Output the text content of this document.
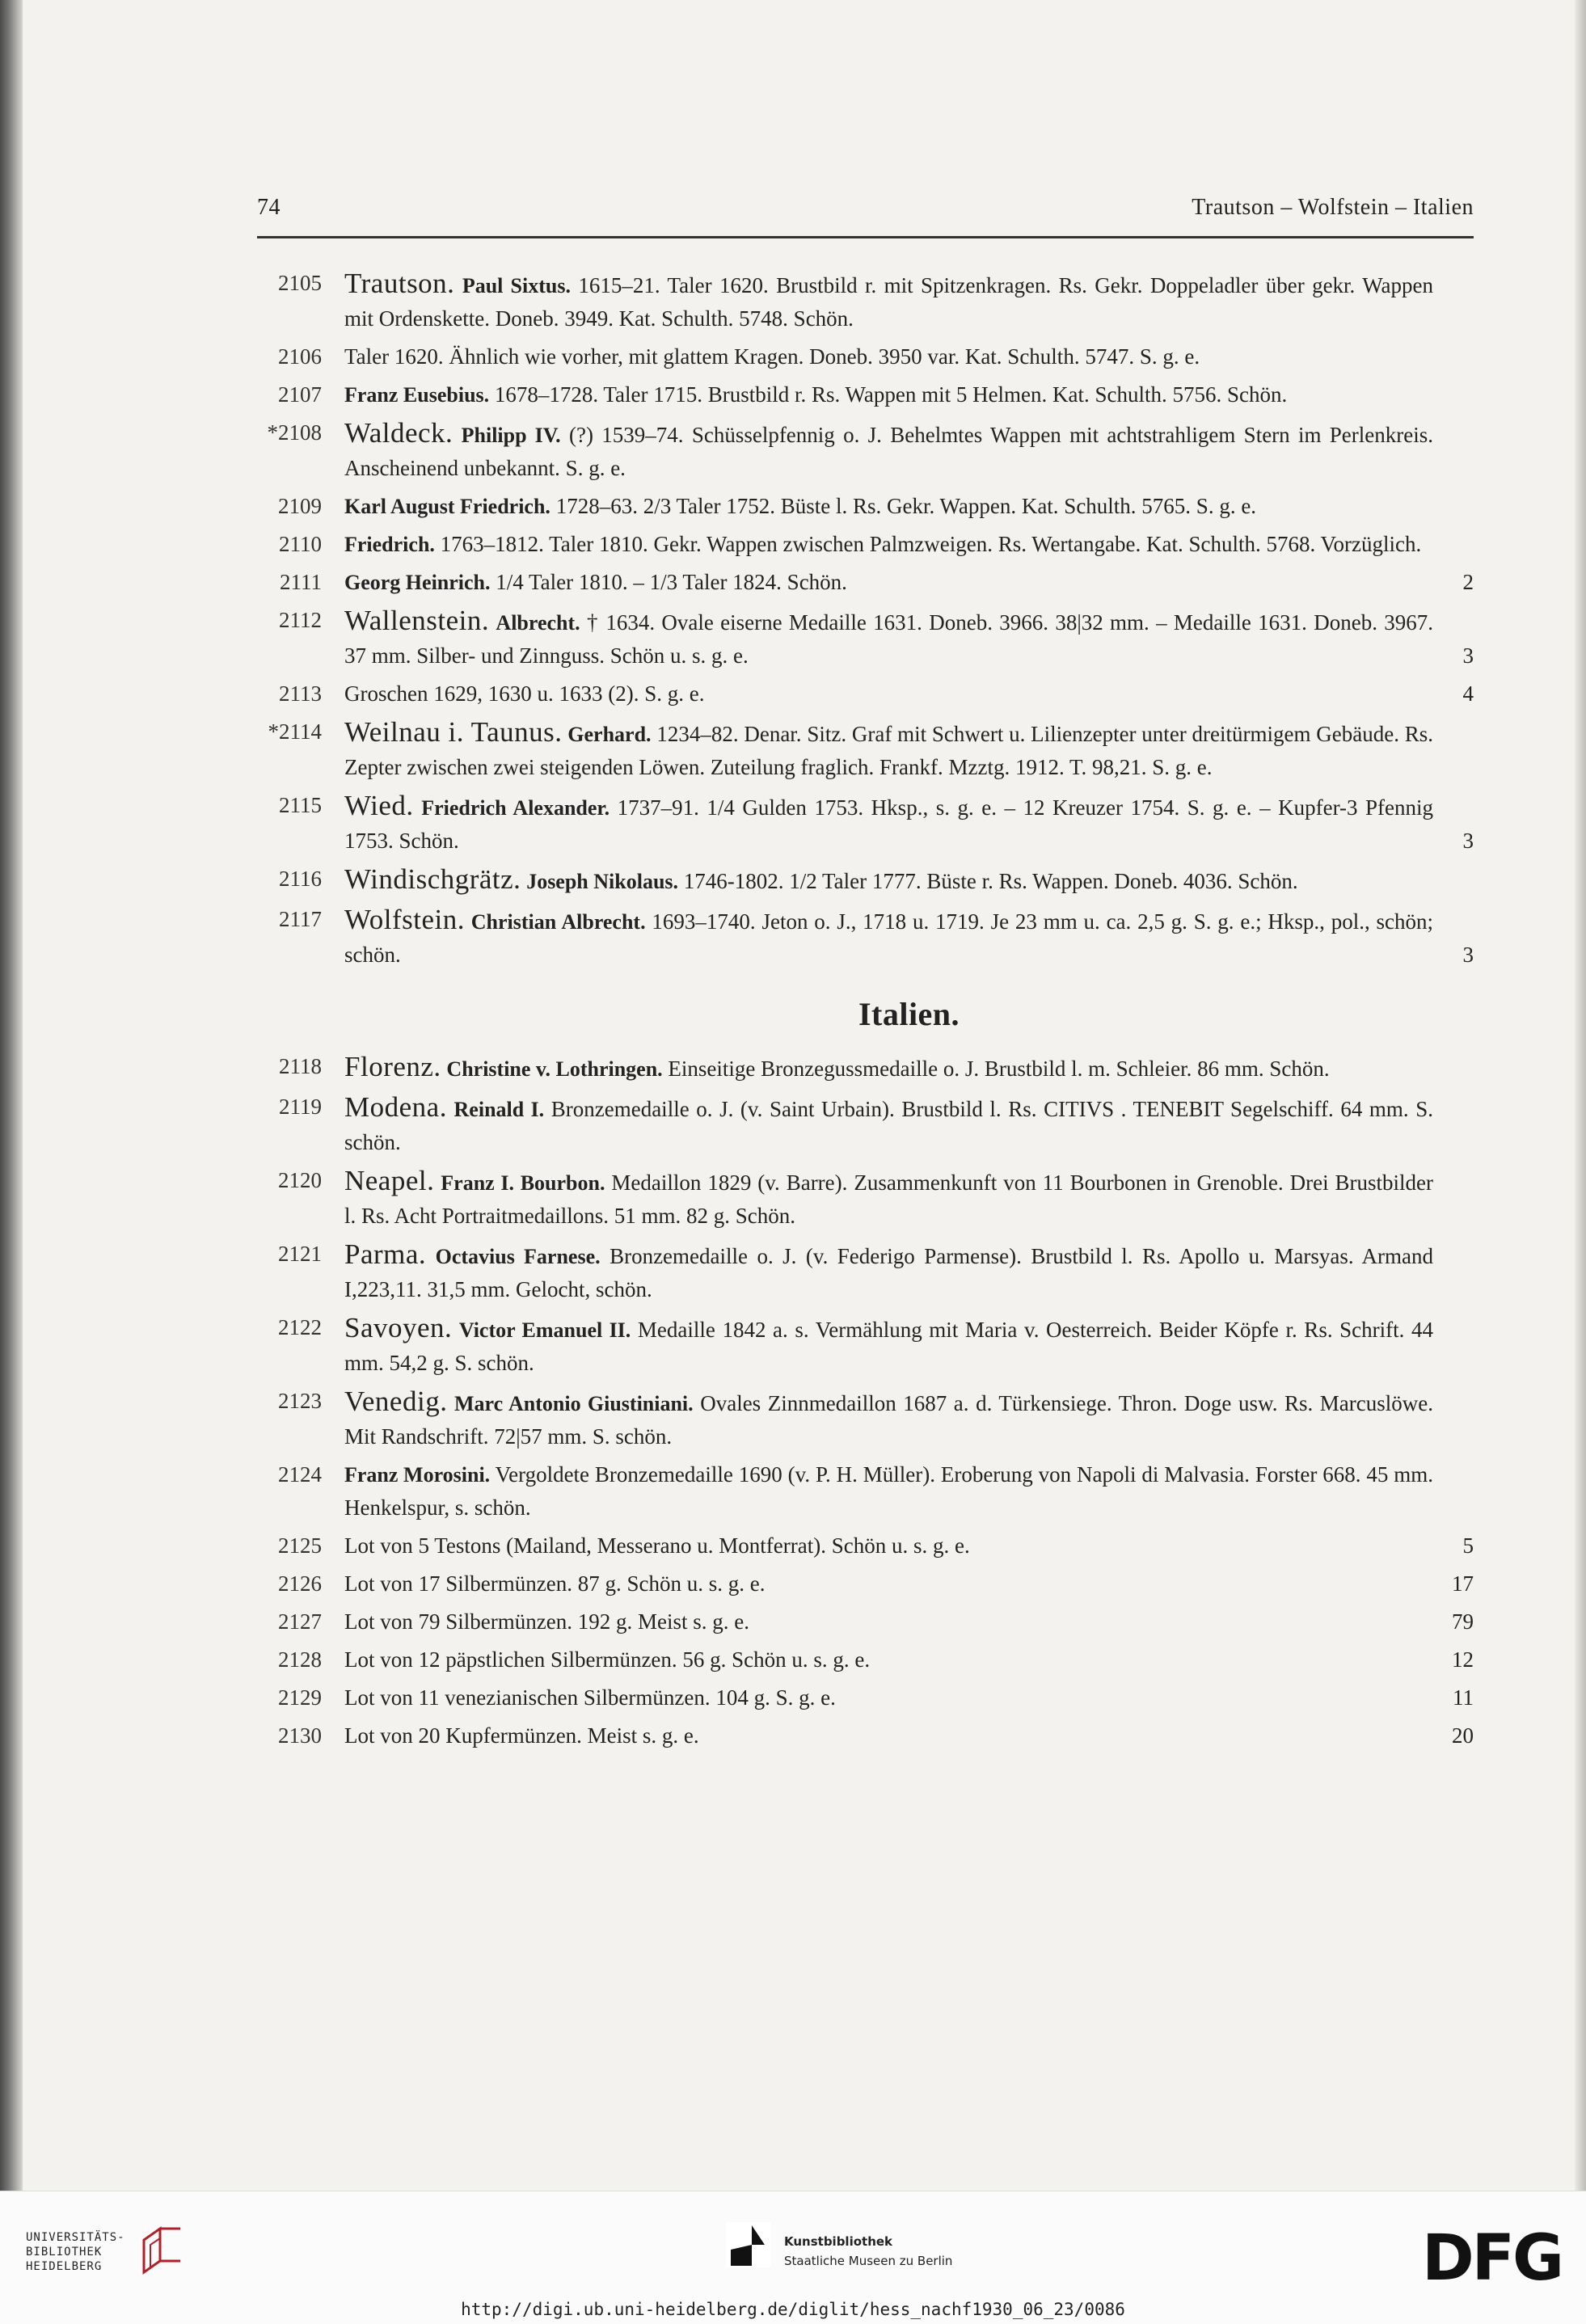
74	Trautson – Wolfstein – Italien
2105 Trautson. Paul Sixtus. 1615–21. Taler 1620. Brustbild r. mit Spitzenkragen. Rs. Gekr. Doppeladler über gekr. Wappen mit Ordenskette. Doneb. 3949. Kat. Schulth. 5748. Schön.
2106 Taler 1620. Ähnlich wie vorher, mit glattem Kragen. Doneb. 3950 var. Kat. Schulth. 5747. S. g. e.
2107 Franz Eusebius. 1678–1728. Taler 1715. Brustbild r. Rs. Wappen mit 5 Helmen. Kat. Schulth. 5756. Schön.
*2108 Waldeck. Philipp IV. (?) 1539–74. Schüsselpfennig o. J. Behelmtes Wappen mit achtstrahligem Stern im Perlenkreis. Anscheinend unbekannt. S. g. e.
2109 Karl August Friedrich. 1728–63. 2/3 Taler 1752. Büste l. Rs. Gekr. Wappen. Kat. Schulth. 5765. S. g. e.
2110 Friedrich. 1763–1812. Taler 1810. Gekr. Wappen zwischen Palmzweigen. Rs. Wertangabe. Kat. Schulth. 5768. Vorzüglich.
2111 Georg Heinrich. 1/4 Taler 1810. – 1/3 Taler 1824. Schön.	2
2112 Wallenstein. Albrecht. † 1634. Ovale eiserne Medaille 1631. Doneb. 3966. 38|32 mm. – Medaille 1631. Doneb. 3967. 37 mm. Silber- und Zinnguss. Schön u. s. g. e.	3
2113 Groschen 1629, 1630 u. 1633 (2). S. g. e.	4
*2114 Weilnau i. Taunus. Gerhard. 1234–82. Denar. Sitz. Graf mit Schwert u. Lilienzepter unter dreitürmigem Gebäude. Rs. Zepter zwischen zwei steigenden Löwen. Zuteilung fraglich. Frankf. Mzztg. 1912. T. 98,21. S. g. e.
2115 Wied. Friedrich Alexander. 1737–91. 1/4 Gulden 1753. Hksp., s. g. e. – 12 Kreuzer 1754. S. g. e. – Kupfer-3 Pfennig 1753. Schön.	3
2116 Windischgrätz. Joseph Nikolaus. 1746-1802. 1/2 Taler 1777. Büste r. Rs. Wappen. Doneb. 4036. Schön.
2117 Wolfstein. Christian Albrecht. 1693–1740. Jeton o. J., 1718 u. 1719. Je 23 mm u. ca. 2,5 g. S. g. e.; Hksp., pol., schön; schön.	3
Italien.
2118 Florenz. Christine v. Lothringen. Einseitige Bronzegussmedaille o. J. Brustbild l. m. Schleier. 86 mm. Schön.
2119 Modena. Reinald I. Bronzemedaille o. J. (v. Saint Urbain). Brustbild l. Rs. CITIVS . TENEBIT Segelschiff. 64 mm. S. schön.
2120 Neapel. Franz I. Bourbon. Medaillon 1829 (v. Barre). Zusammenkunft von 11 Bourbonen in Grenoble. Drei Brustbilder l. Rs. Acht Portraitmedaillons. 51 mm. 82 g. Schön.
2121 Parma. Octavius Farnese. Bronzemedaille o. J. (v. Federigo Parmense). Brustbild l. Rs. Apollo u. Marsyas. Armand I,223,11. 31,5 mm. Gelocht, schön.
2122 Savoyen. Victor Emanuel II. Medaille 1842 a. s. Vermählung mit Maria v. Oesterreich. Beider Köpfe r. Rs. Schrift. 44 mm. 54,2 g. S. schön.
2123 Venedig. Marc Antonio Giustiniani. Ovales Zinnmedaillon 1687 a. d. Türkensiege. Thron. Doge usw. Rs. Marcuslöwe. Mit Randschrift. 72|57 mm. S. schön.
2124 Franz Morosini. Vergoldete Bronzemedaille 1690 (v. P. H. Müller). Eroberung von Napoli di Malvasia. Forster 668. 45 mm. Henkelspur, s. schön.
2125 Lot von 5 Testons (Mailand, Messerano u. Montferrat). Schön u. s. g. e.	5
2126 Lot von 17 Silbermünzen. 87 g. Schön u. s. g. e.	17
2127 Lot von 79 Silbermünzen. 192 g. Meist s. g. e.	79
2128 Lot von 12 päpstlichen Silbermünzen. 56 g. Schön u. s. g. e.	12
2129 Lot von 11 venezianischen Silbermünzen. 104 g. S. g. e.	11
2130 Lot von 20 Kupfermünzen. Meist s. g. e.	20
UNIVERSITÄTS-
BIBLIOTHEK
HEIDELBERG
Kunstbibliothek
Staatliche Museen zu Berlin	DFG
http://digi.ub.uni-heidelberg.de/diglit/hess_nachf1930_06_23/0086
